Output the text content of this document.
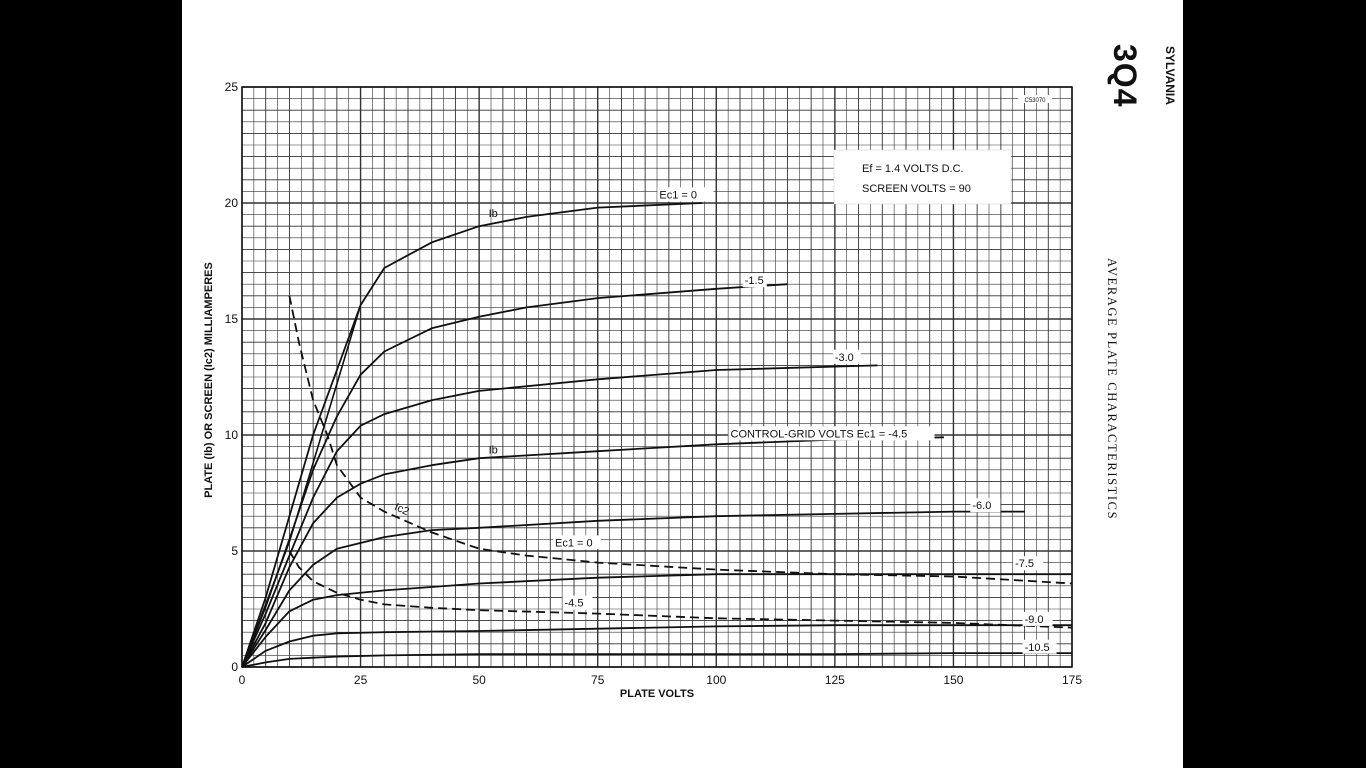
0	25	50	75	100	125	150	175
0
5
10
15
20
25
PLATE VOLTS
PLATE (Ib) OR SCREEN (Ic2) MILLIAMPERES
Ef = 1.4 VOLTS D.C.
SCREEN VOLTS = 90
C53070
Ec1 = 0
-1.5
-3.0
CONTROL-GRID VOLTS Ec1 = -4.5
-6.0
-7.5
-9.0
-10.5
Ec1 = 0
-4.5
Ib
Ib
Ic2
SYLVANIA
3Q4
AVERAGE PLATE CHARACTERISTICS
